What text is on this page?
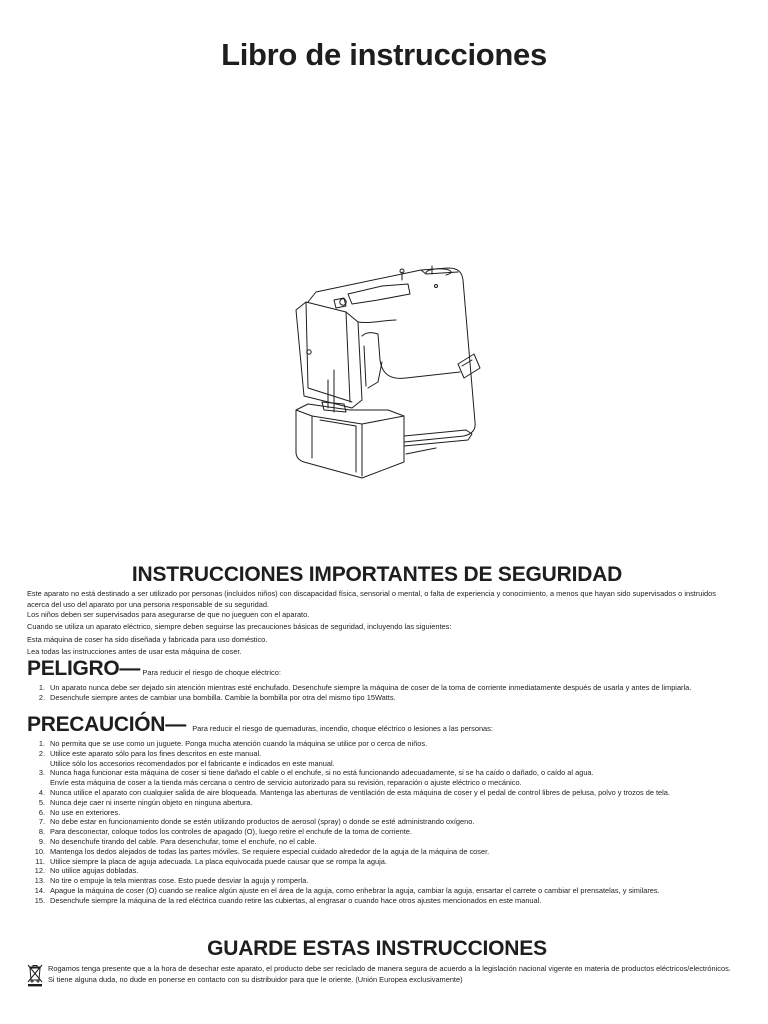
Libro de instrucciones
INSTRUCCIONES IMPORTANTES DE SEGURIDAD

Este aparato no está destinado a ser utilizado por personas (incluidos niños) con discapacidad física, sensorial o mental, o falta de experiencia y conocimiento, a menos que hayan sido supervisados o instruidos acerca del uso del aparato por una persona responsable de su seguridad.

Los niños deben ser supervisados para asegurarse de que no jueguen con el aparato.

Cuando se utiliza un aparato eléctrico, siempre deben seguirse las precauciones básicas de seguridad, incluyendo las siguientes:

Esta máquina de coser ha sido diseñada y fabricada para uso doméstico.

Lea todas las instrucciones antes de usar esta máquina de coser.

PELIGRO— Para reducir el riesgo de choque eléctrico:
1. Un aparato nunca debe ser dejado sin atención mientras esté enchufado. Desenchufe siempre la máquina de coser de la toma de corriente inmediatamente después de usarla y antes de limpiarla.
2. Desenchufe siempre antes de cambiar una bombilla. Cambie la bombilla por otra del mismo tipo 15Watts.
PRECAUCIÓN— Para reducir el riesgo de quemaduras, incendio, choque eléctrico o lesiones a las personas:
1. No permita que se use como un juguete. Ponga mucha atención cuando la máquina se utilice por o cerca de niños.
2. Utilice este aparato sólo para los fines descritos en este manual.
Utilice sólo los accesorios recomendados por el fabricante e indicados en este manual.
3. Nunca haga funcionar esta máquina de coser si tiene dañado el cable o el enchufe, si no está funcionando adecuadamente, si se ha caído o dañado, o caído al agua.
Envíe esta máquina de coser a la tienda más cercana o centro de servicio autorizado para su revisión, reparación o ajuste eléctrico o mecánico.
4. Nunca utilice el aparato con cualquier salida de aire bloqueada. Mantenga las aberturas de ventilación de esta máquina de coser y el pedal de control libres de pelusa, polvo y trozos de tela.
5. Nunca deje caer ni inserte ningún objeto en ninguna abertura.
6. No use en exteriores.
7. No debe estar en funcionamiento donde se estén utilizando productos de aerosol (spray) o donde se esté administrando oxígeno.
8. Para desconectar, coloque todos los controles de apagado (O), luego retire el enchufe de la toma de corriente.
9. No desenchufe tirando del cable. Para desenchufar, tome el enchufe, no el cable.
10. Mantenga los dedos alejados de todas las partes móviles. Se requiere especial cuidado alrededor de la aguja de la máquina de coser.
11. Utilice siempre la placa de aguja adecuada. La placa equivocada puede causar que se rompa la aguja.
12. No utilice agujas dobladas.
13. No tire o empuje la tela mientras cose. Esto puede desviar la aguja y romperla.
14. Apague la máquina de coser (O) cuando se realice algún ajuste en el área de la aguja, como enhebrar la aguja, cambiar la aguja, ensartar el carrete o cambiar el prensatelas, y similares.
15. Desenchufe siempre la máquina de la red eléctrica cuando retire las cubiertas, al engrasar o cuando hace otros ajustes mencionados en este manual.
GUARDE ESTAS INSTRUCCIONES
Rogamos tenga presente que a la hora de desechar este aparato, el producto debe ser reciclado de manera segura de acuerdo a la legislación nacional vigente en materia de productos eléctricos/electrónicos. Si tiene alguna duda, no dude en ponerse en contacto con su distribuidor para que le oriente. (Unión Europea exclusivamente)
